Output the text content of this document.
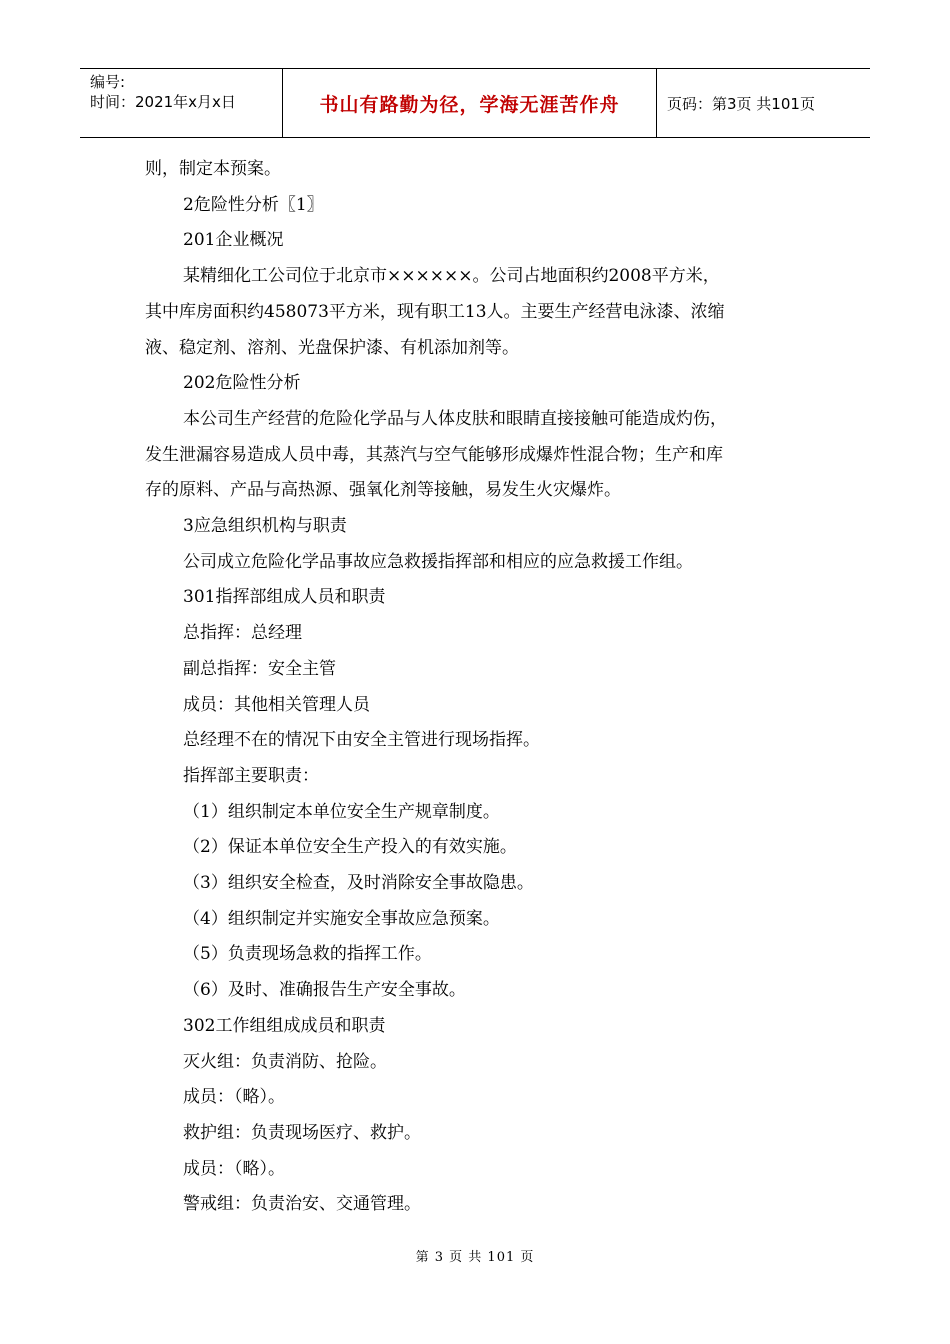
编号:
时间：2021年x月x日	书山有路勤为径，学海无涯苦作舟	页码：第3页 共101页
则，制定本预案。
2危险性分析〖1〗
201企业概况
某精细化工公司位于北京市××××××。公司占地面积约2008平方米，
其中库房面积约458073平方米，现有职工13人。主要生产经营电泳漆、浓缩
液、稳定剂、溶剂、光盘保护漆、有机添加剂等。
202危险性分析
本公司生产经营的危险化学品与人体皮肤和眼睛直接接触可能造成灼伤，
发生泄漏容易造成人员中毒，其蒸汽与空气能够形成爆炸性混合物；生产和库
存的原料、产品与高热源、强氧化剂等接触，易发生火灾爆炸。
3应急组织机构与职责
公司成立危险化学品事故应急救援指挥部和相应的应急救援工作组。
301指挥部组成人员和职责
总指挥：总经理
副总指挥：安全主管
成员：其他相关管理人员
总经理不在的情况下由安全主管进行现场指挥。
指挥部主要职责：
（1）组织制定本单位安全生产规章制度。
（2）保证本单位安全生产投入的有效实施。
（3）组织安全检查，及时消除安全事故隐患。
（4）组织制定并实施安全事故应急预案。
（5）负责现场急救的指挥工作。
（6）及时、准确报告生产安全事故。
302工作组组成成员和职责
灭火组：负责消防、抢险。
成员：（略）。
救护组：负责现场医疗、救护。
成员：（略）。
警戒组：负责治安、交通管理。
第 3 页 共 101 页
